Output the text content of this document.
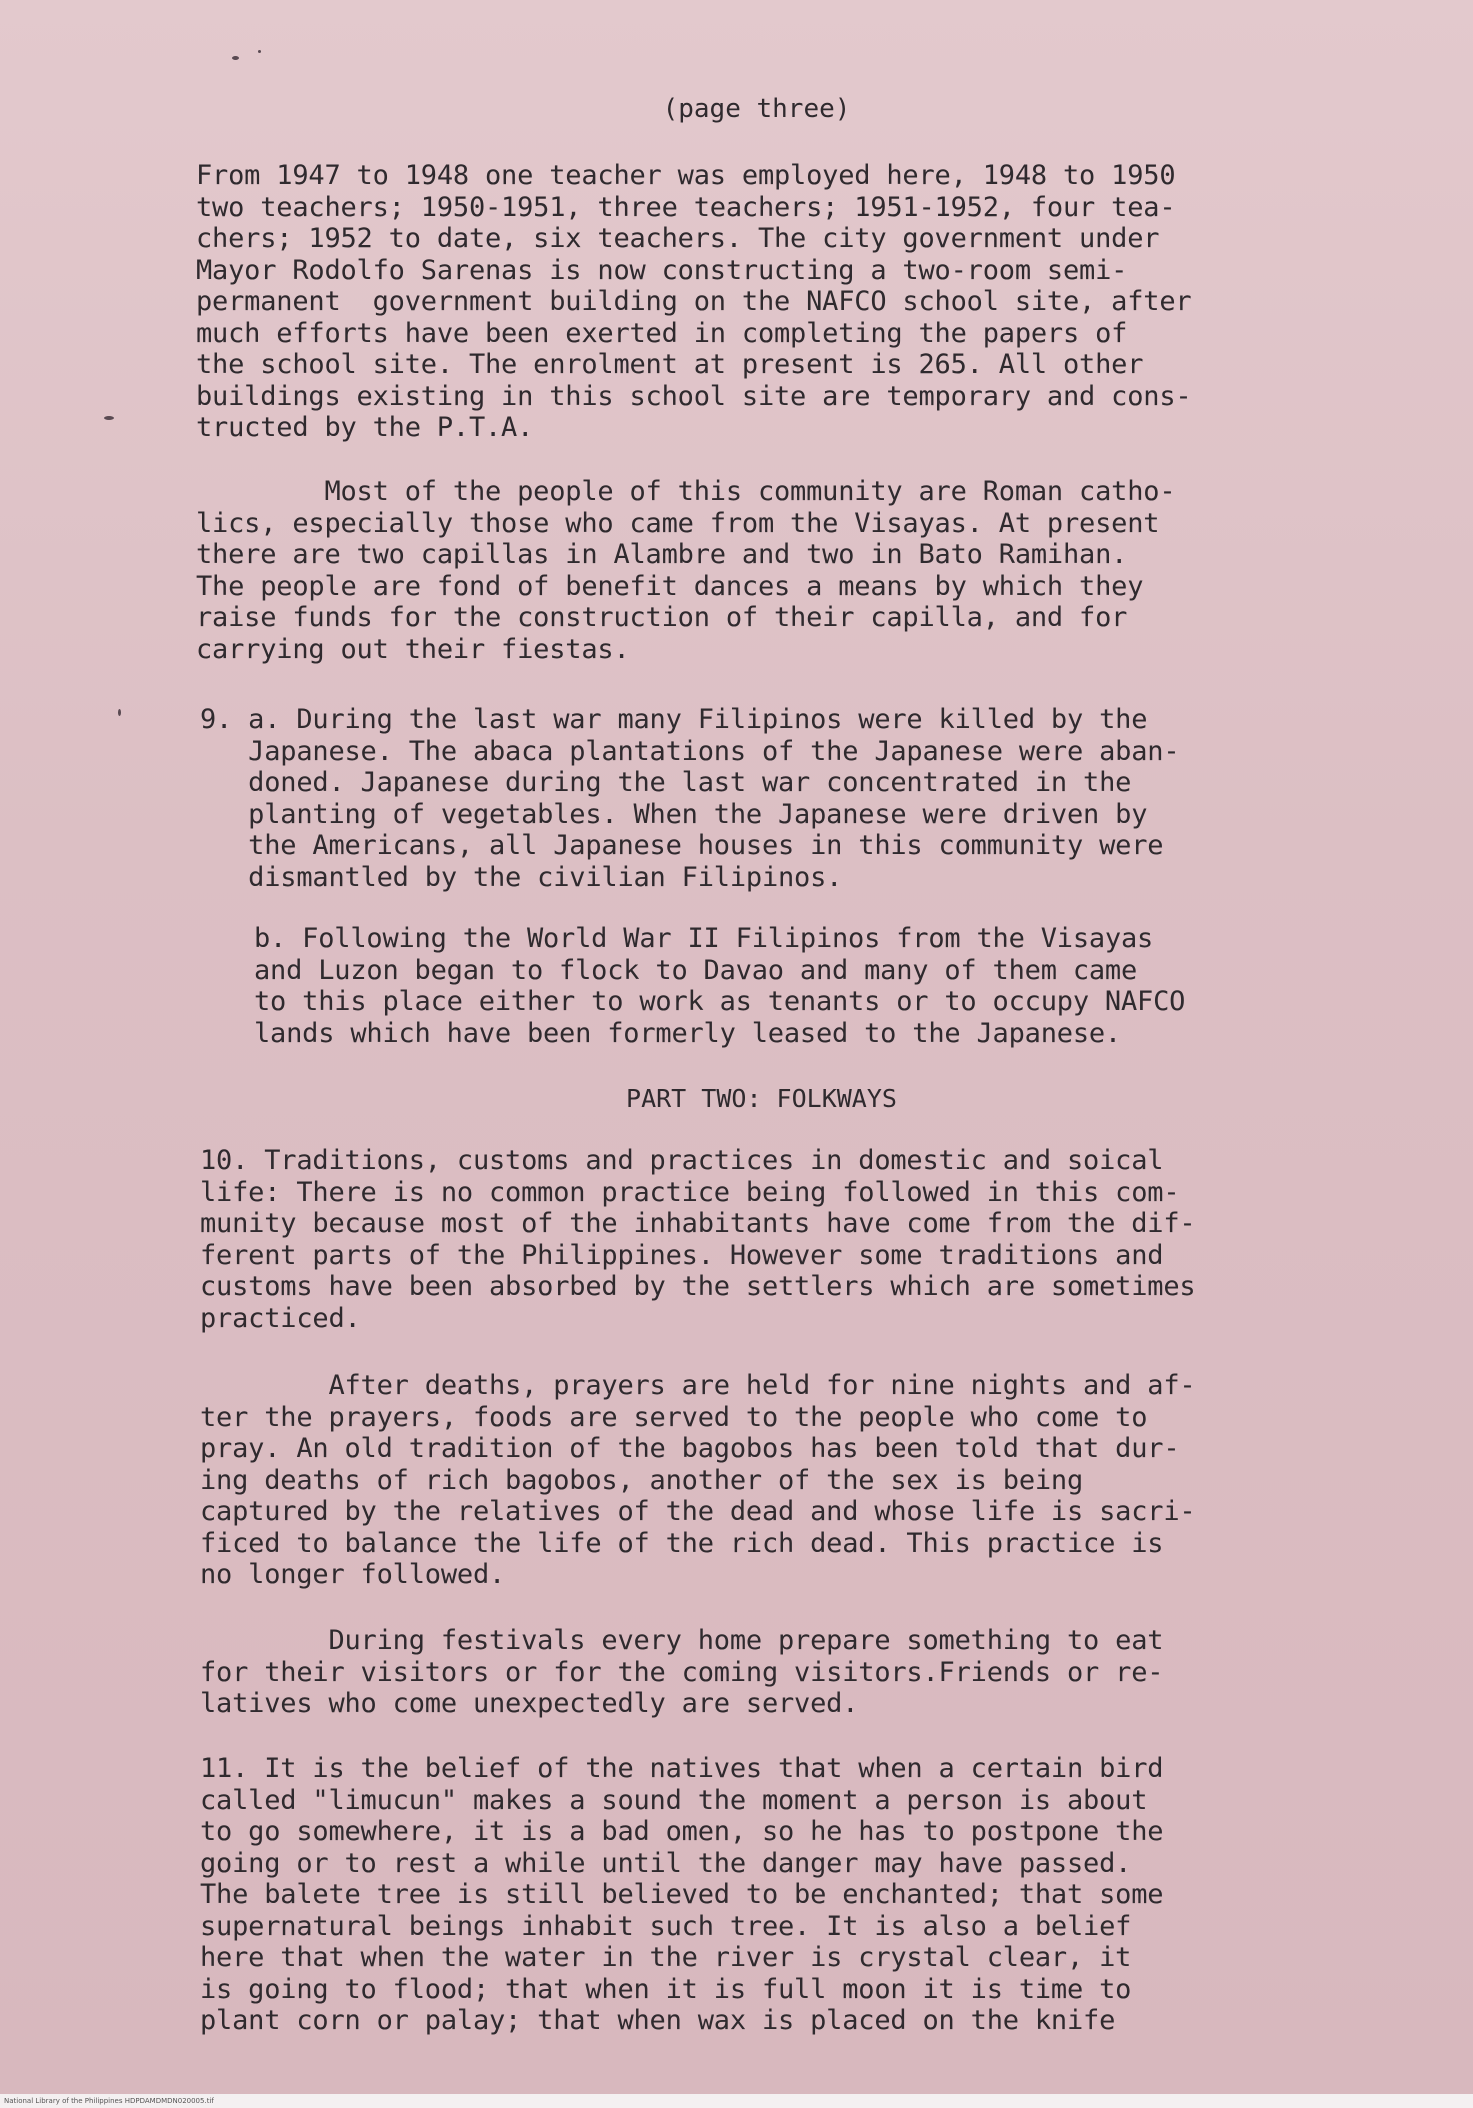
(page three)
From 1947 to 1948 one teacher was employed here, 1948 to 1950
two teachers; 1950-1951, three teachers; 1951-1952, four tea-
chers; 1952 to date, six teachers. The city government under
Mayor Rodolfo Sarenas is now constructing a two-room semi-
permanent  government building on the NAFCO school site, after
much efforts have been exerted in completing the papers of
the school site. The enrolment at present is 265. All other
buildings existing in this school site are temporary and cons-
tructed by the P.T.A.
Most of the people of this community are Roman catho-
lics, especially those who came from the Visayas. At present
there are two capillas in Alambre and two in Bato Ramihan.
The people are fond of benefit dances a means by which they
raise funds for the construction of their capilla, and for
carrying out their fiestas.
9. a. During the last war many Filipinos were killed by the
Japanese. The abaca plantations of the Japanese were aban-
doned. Japanese during the last war concentrated in the
planting of vegetables. When the Japanese were driven by
the Americans, all Japanese houses in this community were
dismantled by the civilian Filipinos.
b. Following the World War II Filipinos from the Visayas
and Luzon began to flock to Davao and many of them came
to this place either to work as tenants or to occupy NAFCO
lands which have been formerly leased to the Japanese.
PART TWO: FOLKWAYS
10. Traditions, customs and practices in domestic and soical
life: There is no common practice being followed in this com-
munity because most of the inhabitants have come from the dif-
ferent parts of the Philippines. However some traditions and
customs have been absorbed by the settlers which are sometimes
practiced.
After deaths, prayers are held for nine nights and af-
ter the prayers, foods are served to the people who come to
pray. An old tradition of the bagobos has been told that dur-
ing deaths of rich bagobos, another of the sex is being
captured by the relatives of the dead and whose life is sacri-
ficed to balance the life of the rich dead. This practice is
no longer followed.
During festivals every home prepare something to eat
for their visitors or for the coming visitors.Friends or re-
latives who come unexpectedly are served.
11. It is the belief of the natives that when a certain bird
called "limucun" makes a sound the moment a person is about
to go somewhere, it is a bad omen, so he has to postpone the
going or to rest a while until the danger may have passed.
The balete tree is still believed to be enchanted; that some
supernatural beings inhabit such tree. It is also a belief
here that when the water in the river is crystal clear, it
is going to flood; that when it is full moon it is time to
plant corn or palay; that when wax is placed on the knife
National Library of the Philippines HDPDAMDMDN020005.tif
